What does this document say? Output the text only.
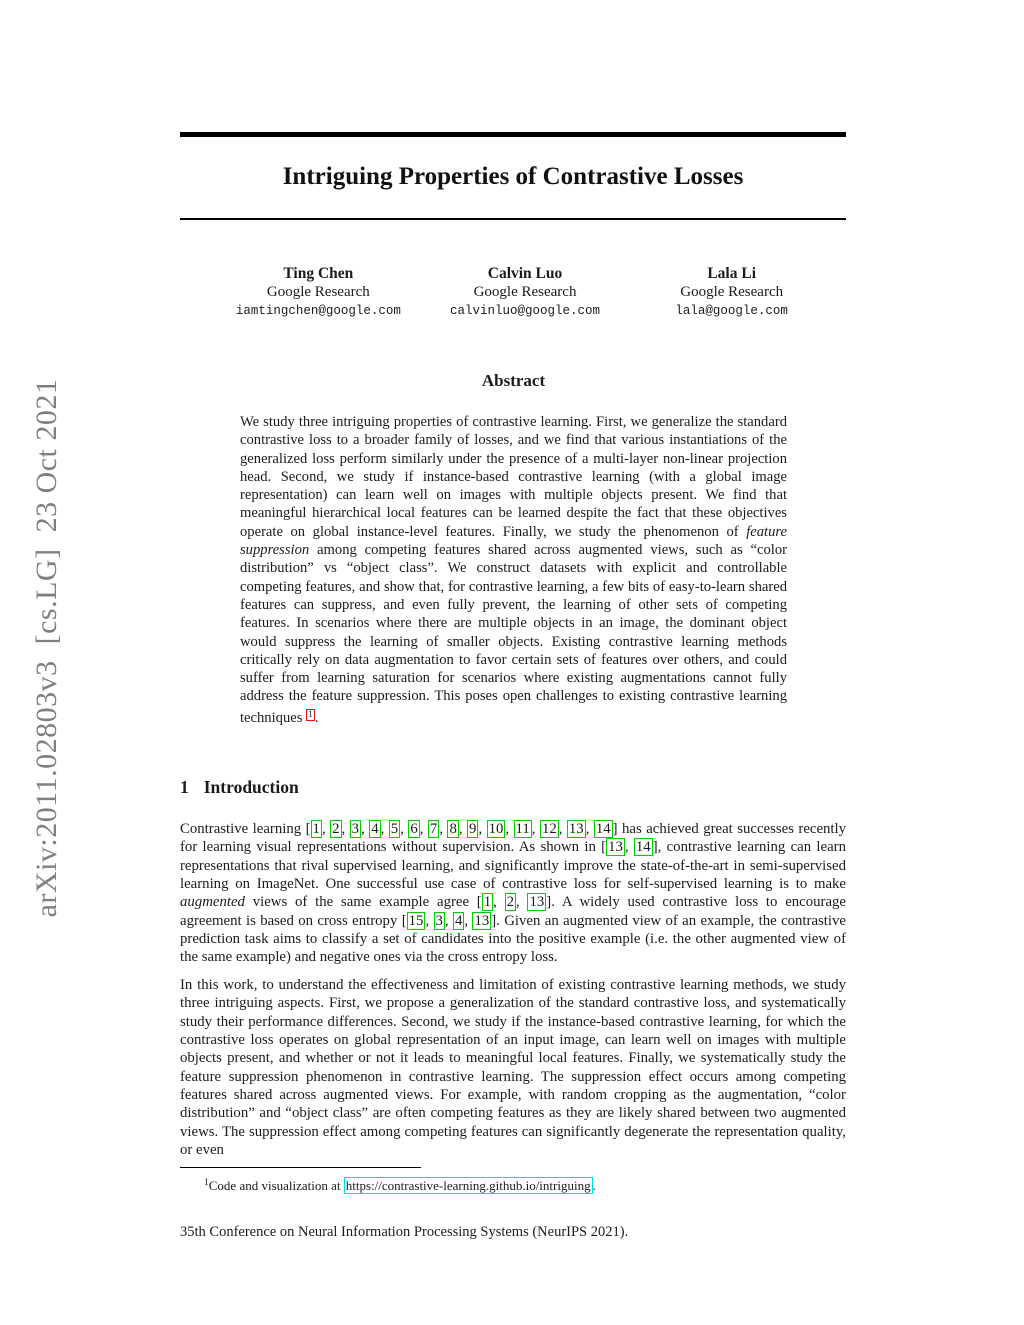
arXiv:2011.02803v3  [cs.LG]  23 Oct 2021
Intriguing Properties of Contrastive Losses
Ting Chen
Google Research
iamtingchen@google.com
Calvin Luo
Google Research
calvinluo@google.com
Lala Li
Google Research
lala@google.com
Abstract
We study three intriguing properties of contrastive learning. First, we generalize the standard contrastive loss to a broader family of losses, and we find that various instantiations of the generalized loss perform similarly under the presence of a multi-layer non-linear projection head. Second, we study if instance-based contrastive learning (with a global image representation) can learn well on images with multiple objects present. We find that meaningful hierarchical local features can be learned despite the fact that these objectives operate on global instance-level features. Finally, we study the phenomenon of feature suppression among competing features shared across augmented views, such as “color distribution” vs “object class”. We construct datasets with explicit and controllable competing features, and show that, for contrastive learning, a few bits of easy-to-learn shared features can suppress, and even fully prevent, the learning of other sets of competing features. In scenarios where there are multiple objects in an image, the dominant object would suppress the learning of smaller objects. Existing contrastive learning methods critically rely on data augmentation to favor certain sets of features over others, and could suffer from learning saturation for scenarios where existing augmentations cannot fully address the feature suppression. This poses open challenges to existing contrastive learning techniques $^1$ .
1 Introduction
Contrastive learning [ 1 , 2 , 3 , 4 , 5 , 6 , 7 , 8 , 9 , 10 , 11 , 12 , 13 , 14 ] has achieved great successes recently for learning visual representations without supervision. As shown in [ 13 , 14 ], contrastive learning can learn representations that rival supervised learning, and significantly improve the state-of-the-art in semi-supervised learning on ImageNet. One successful use case of contrastive loss for self-supervised learning is to make augmented views of the same example agree [ 1 , 2 , 13 ]. A widely used contrastive loss to encourage agreement is based on cross entropy [ 15 , 3 , 4 , 13 ]. Given an augmented view of an example, the contrastive prediction task aims to classify a set of candidates into the positive example (i.e. the other augmented view of the same example) and negative ones via the cross entropy loss.
In this work, to understand the effectiveness and limitation of existing contrastive learning methods, we study three intriguing aspects. First, we propose a generalization of the standard contrastive loss, and systematically study their performance differences. Second, we study if the instance-based contrastive learning, for which the contrastive loss operates on global representation of an input image, can learn well on images with multiple objects present, and whether or not it leads to meaningful local features. Finally, we systematically study the feature suppression phenomenon in contrastive learning. The suppression effect occurs among competing features shared across augmented views. For example, with random cropping as the augmentation, “color distribution” and “object class” are often competing features as they are likely shared between two augmented views. The suppression effect among competing features can significantly degenerate the representation quality, or even
$^1$Code and visualization at https://contrastive-learning.github.io/intriguing .
35th Conference on Neural Information Processing Systems (NeurIPS 2021).
